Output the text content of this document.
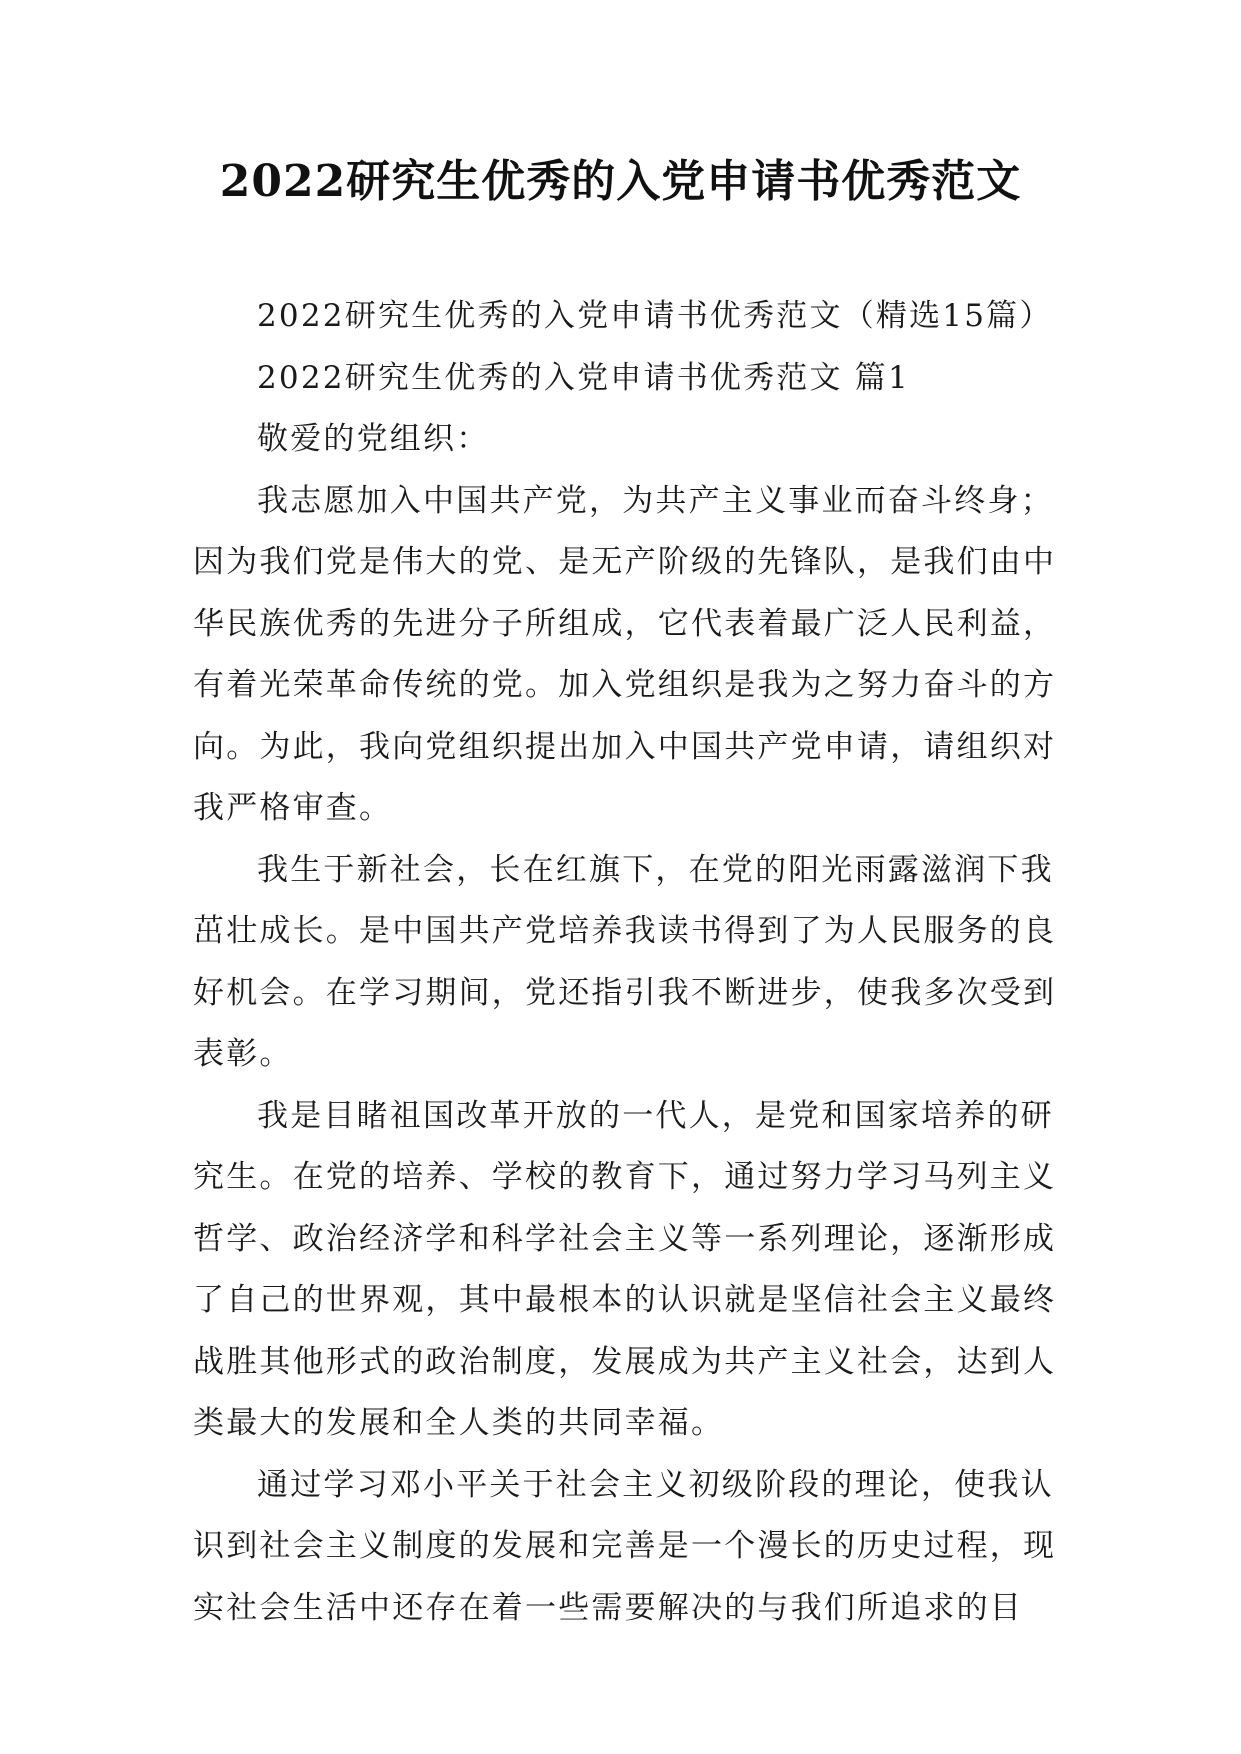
2022研究生优秀的入党申请书优秀范文
2022研究生优秀的入党申请书优秀范文（精选15篇）
2022研究生优秀的入党申请书优秀范文 篇1
敬爱的党组织：
我志愿加入中国共产党，为共产主义事业而奋斗终身；
因为我们党是伟大的党、是无产阶级的先锋队，是我们由中
华民族优秀的先进分子所组成，它代表着最广泛人民利益，
有着光荣革命传统的党。加入党组织是我为之努力奋斗的方
向。为此，我向党组织提出加入中国共产党申请，请组织对
我严格审查。
我生于新社会，长在红旗下，在党的阳光雨露滋润下我
茁壮成长。是中国共产党培养我读书得到了为人民服务的良
好机会。在学习期间，党还指引我不断进步，使我多次受到
表彰。
我是目睹祖国改革开放的一代人，是党和国家培养的研
究生。在党的培养、学校的教育下，通过努力学习马列主义
哲学、政治经济学和科学社会主义等一系列理论，逐渐形成
了自己的世界观，其中最根本的认识就是坚信社会主义最终
战胜其他形式的政治制度，发展成为共产主义社会，达到人
类最大的发展和全人类的共同幸福。
通过学习邓小平关于社会主义初级阶段的理论，使我认
识到社会主义制度的发展和完善是一个漫长的历史过程，现
实社会生活中还存在着一些需要解决的与我们所追求的目
